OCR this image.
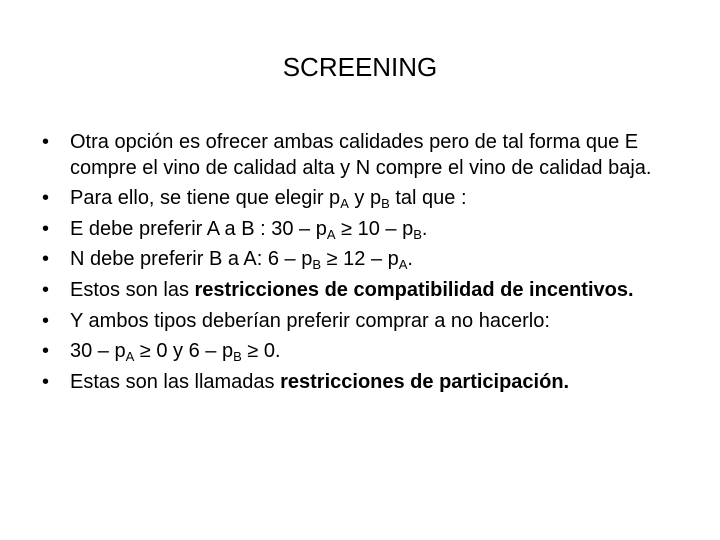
SCREENING
• Otra opción es ofrecer ambas calidades pero de tal forma que E compre el vino de calidad alta y N compre el vino de calidad baja.
• Para ello, se tiene que elegir $p_A$ y $p_B$ tal que :
• E debe preferir A a B : $30 - p_A \ge 10 - p_B$.
• N debe preferir B a A: $6 - p_B \ge 12 - p_A$.
• Estos son las restricciones de compatibilidad de incentivos.
• Y ambos tipos deberían preferir comprar a no hacerlo:
• $30 - p_A \ge 0$ y $6 - p_B \ge 0$.
• Estas son las llamadas restricciones de participación.
